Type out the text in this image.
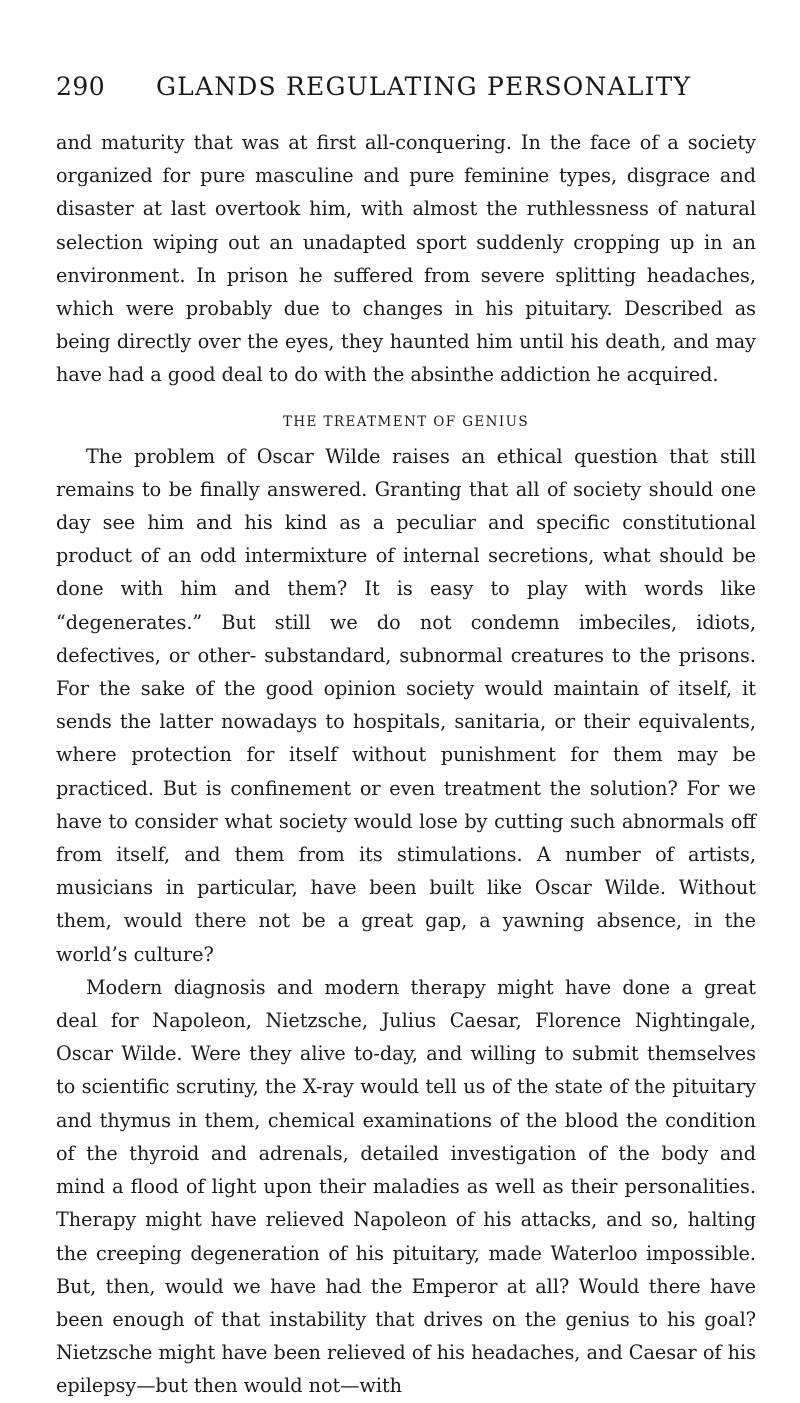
290	GLANDS REGULATING PERSONALITY

and maturity that was at first all-conquering. In the face of a society organized for pure masculine and pure feminine types, disgrace and disaster at last overtook him, with almost the ruthlessness of natural selection wiping out an unadapted sport suddenly cropping up in an environment. In prison he suffered from severe splitting headaches, which were probably due to changes in his pituitary. Described as being directly over the eyes, they haunted him until his death, and may have had a good deal to do with the absinthe addiction he acquired.

THE TREATMENT OF GENIUS

The problem of Oscar Wilde raises an ethical question that still remains to be finally answered. Granting that all of society should one day see him and his kind as a peculiar and specific constitutional product of an odd intermixture of internal secretions, what should be done with him and them? It is easy to play with words like “degenerates.” But still we do not condemn imbeciles, idiots, defectives, or other- substandard, subnormal creatures to the prisons. For the sake of the good opinion society would maintain of itself, it sends the latter nowadays to hospitals, sanitaria, or their equivalents, where protection for itself without punishment for them may be practiced. But is confinement or even treatment the solution? For we have to consider what society would lose by cutting such abnormals off from itself, and them from its stimulations. A number of artists, musicians in particular, have been built like Oscar Wilde. Without them, would there not be a great gap, a yawning absence, in the world’s culture?

Modern diagnosis and modern therapy might have done a great deal for Napoleon, Nietzsche, Julius Caesar, Florence Nightingale, Oscar Wilde. Were they alive to-day, and willing to submit themselves to scientific scrutiny, the X-ray would tell us of the state of the pituitary and thymus in them, chemical examinations of the blood the condition of the thyroid and adrenals, detailed investigation of the body and mind a flood of light upon their maladies as well as their personalities. Therapy might have relieved Napoleon of his attacks, and so, halting the creeping degeneration of his pituitary, made Waterloo impossible. But, then, would we have had the Emperor at all? Would there have been enough of that instability that drives on the genius to his goal? Nietzsche might have been relieved of his headaches, and Caesar of his epilepsy—but then would not—with
